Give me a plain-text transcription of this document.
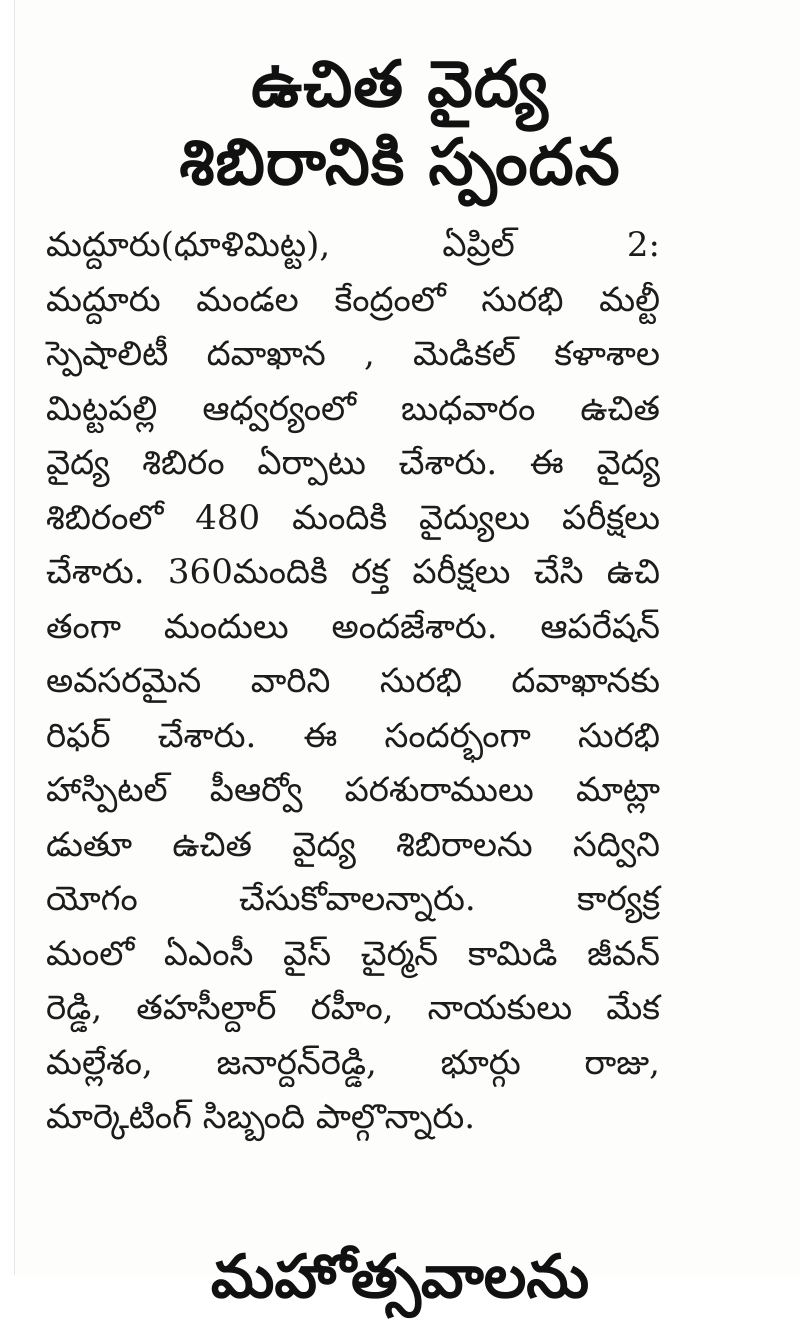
ఉచిత వైద్య
శిబిరానికి స్పందన
మద్దూరు(ధూళిమిట్ట), ఏప్రిల్ 2:
మద్దూరు మండల కేంద్రంలో సురభి మల్టీ
స్పెషాలిటీ దవాఖాన , మెడికల్ కళాశాల
మిట్టపల్లి ఆధ్వర్యంలో బుధవారం ఉచిత
వైద్య శిబిరం ఏర్పాటు చేశారు. ఈ వైద్య
శిబిరంలో 480 మందికి వైద్యులు పరీక్షలు
చేశారు. 360మందికి రక్త పరీక్షలు చేసి ఉచి
తంగా మందులు అందజేశారు. ఆపరేషన్
అవసరమైన వారిని సురభి దవాఖానకు
రిఫర్ చేశారు. ఈ సందర్భంగా సురభి
హాస్పిటల్ పీఆర్వో పరశురాములు మాట్లా
డుతూ ఉచిత వైద్య శిబిరాలను సద్విని
యోగం చేసుకోవాలన్నారు. కార్యక్ర
మంలో ఏఎంసీ వైస్ చైర్మన్ కామిడి జీవన్
రెడ్డి, తహసీల్దార్ రహీం, నాయకులు మేక
మల్లేశం, జనార్దన్‌రెడ్డి, భూర్గు రాజు,
మార్కెటింగ్ సిబ్బంది పాల్గొన్నారు.
మహోత్సవాలను
